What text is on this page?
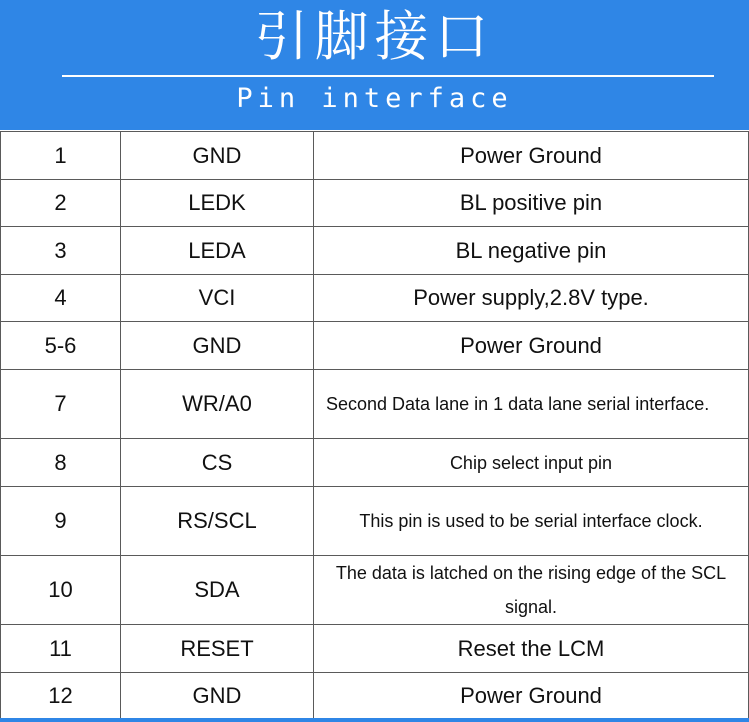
引脚接口
Pin interface
1	GND	Power Ground
2	LEDK	BL positive pin
3	LEDA	BL negative pin
4	VCI	Power supply,2.8V type.
5-6	GND	Power Ground
7	WR/A0	Second Data lane in 1 data lane serial interface.
8	CS	Chip select input pin
9	RS/SCL	This pin is used to be serial interface clock.
10	SDA	The data is latched on the rising edge of the SCL signal.
11	RESET	Reset the LCM
12	GND	Power Ground
